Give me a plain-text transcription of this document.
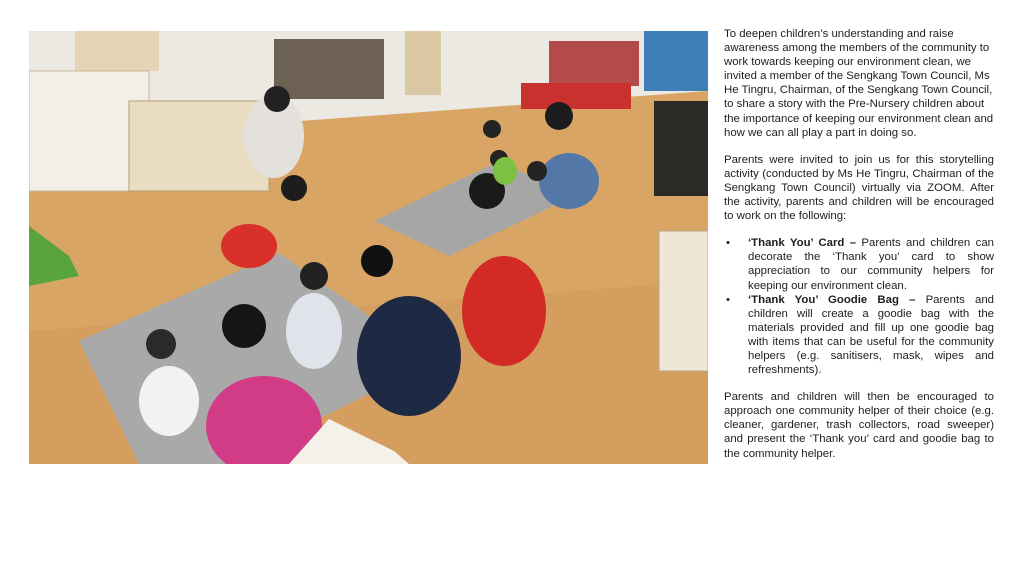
To deepen children’s understanding and raise awareness among the members of the community to work towards keeping our environment clean, we invited a member of the Sengkang Town Council, Ms He Tingru, Chairman, of the Sengkang Town Council, to share a story with the Pre-Nursery children about the importance of keeping our environment clean and how we can all play a part in doing so.

Parents were invited to join us for this storytelling activity (conducted by Ms He Tingru, Chairman of the Sengkang Town Council) virtually via ZOOM. After the activity, parents and children will be encouraged to work on the following:

• ‘Thank You’ Card – Parents and children can decorate the ‘Thank you’ card to show appreciation to our community helpers for keeping our environment clean.
• ‘Thank You’ Goodie Bag – Parents and children will create a goodie bag with the materials provided and fill up one goodie bag with items that can be useful for the community helpers (e.g. sanitisers, mask, wipes and refreshments).

Parents and children will then be encouraged to approach one community helper of their choice (e.g. cleaner, gardener, trash collectors, road sweeper) and present the ‘Thank you’ card and goodie bag to the community helper.
